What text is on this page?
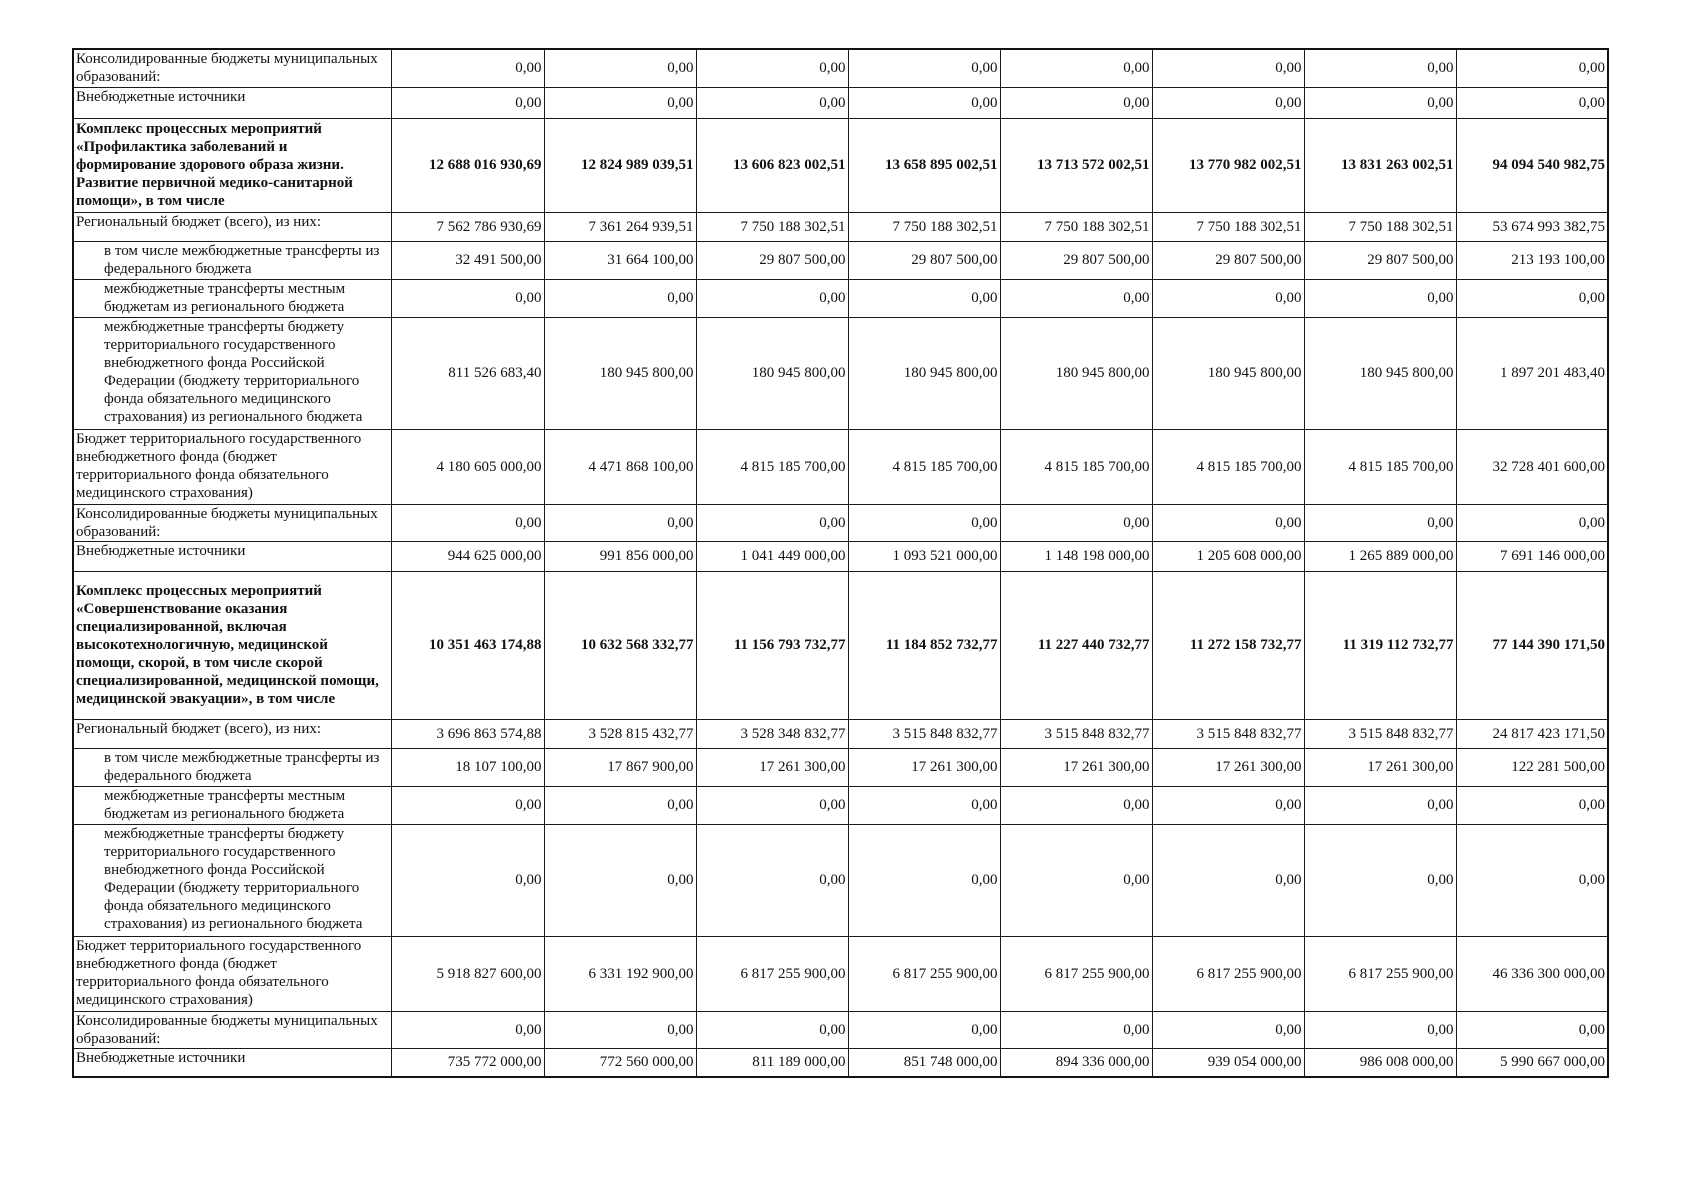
Консолидированные бюджеты муниципальных образований:	0,00	0,00	0,00	0,00	0,00	0,00	0,00	0,00
Внебюджетные источники	0,00	0,00	0,00	0,00	0,00	0,00	0,00	0,00
Комплекс процессных мероприятий «Профилактика заболеваний и формирование здорового образа жизни. Развитие первичной медико-санитарной помощи», в том числе	12 688 016 930,69	12 824 989 039,51	13 606 823 002,51	13 658 895 002,51	13 713 572 002,51	13 770 982 002,51	13 831 263 002,51	94 094 540 982,75
Региональный бюджет (всего), из них:	7 562 786 930,69	7 361 264 939,51	7 750 188 302,51	7 750 188 302,51	7 750 188 302,51	7 750 188 302,51	7 750 188 302,51	53 674 993 382,75
в том числе межбюджетные трансферты из федерального бюджета	32 491 500,00	31 664 100,00	29 807 500,00	29 807 500,00	29 807 500,00	29 807 500,00	29 807 500,00	213 193 100,00
межбюджетные трансферты местным бюджетам из регионального бюджета	0,00	0,00	0,00	0,00	0,00	0,00	0,00	0,00
межбюджетные трансферты бюджету территориального государственного внебюджетного фонда Российской Федерации (бюджету территориального фонда обязательного медицинского страхования) из регионального бюджета	811 526 683,40	180 945 800,00	180 945 800,00	180 945 800,00	180 945 800,00	180 945 800,00	180 945 800,00	1 897 201 483,40
Бюджет территориального государственного внебюджетного фонда (бюджет территориального фонда обязательного медицинского страхования)	4 180 605 000,00	4 471 868 100,00	4 815 185 700,00	4 815 185 700,00	4 815 185 700,00	4 815 185 700,00	4 815 185 700,00	32 728 401 600,00
Консолидированные бюджеты муниципальных образований:	0,00	0,00	0,00	0,00	0,00	0,00	0,00	0,00
Внебюджетные источники	944 625 000,00	991 856 000,00	1 041 449 000,00	1 093 521 000,00	1 148 198 000,00	1 205 608 000,00	1 265 889 000,00	7 691 146 000,00
Комплекс процессных мероприятий «Совершенствование оказания специализированной, включая высокотехнологичную, медицинской помощи, скорой, в том числе скорой специализированной, медицинской помощи, медицинской эвакуации», в том числе	10 351 463 174,88	10 632 568 332,77	11 156 793 732,77	11 184 852 732,77	11 227 440 732,77	11 272 158 732,77	11 319 112 732,77	77 144 390 171,50
Региональный бюджет (всего), из них:	3 696 863 574,88	3 528 815 432,77	3 528 348 832,77	3 515 848 832,77	3 515 848 832,77	3 515 848 832,77	3 515 848 832,77	24 817 423 171,50
в том числе межбюджетные трансферты из федерального бюджета	18 107 100,00	17 867 900,00	17 261 300,00	17 261 300,00	17 261 300,00	17 261 300,00	17 261 300,00	122 281 500,00
межбюджетные трансферты местным бюджетам из регионального бюджета	0,00	0,00	0,00	0,00	0,00	0,00	0,00	0,00
межбюджетные трансферты бюджету территориального государственного внебюджетного фонда Российской Федерации (бюджету территориального фонда обязательного медицинского страхования) из регионального бюджета	0,00	0,00	0,00	0,00	0,00	0,00	0,00	0,00
Бюджет территориального государственного внебюджетного фонда (бюджет территориального фонда обязательного медицинского страхования)	5 918 827 600,00	6 331 192 900,00	6 817 255 900,00	6 817 255 900,00	6 817 255 900,00	6 817 255 900,00	6 817 255 900,00	46 336 300 000,00
Консолидированные бюджеты муниципальных образований:	0,00	0,00	0,00	0,00	0,00	0,00	0,00	0,00
Внебюджетные источники	735 772 000,00	772 560 000,00	811 189 000,00	851 748 000,00	894 336 000,00	939 054 000,00	986 008 000,00	5 990 667 000,00
